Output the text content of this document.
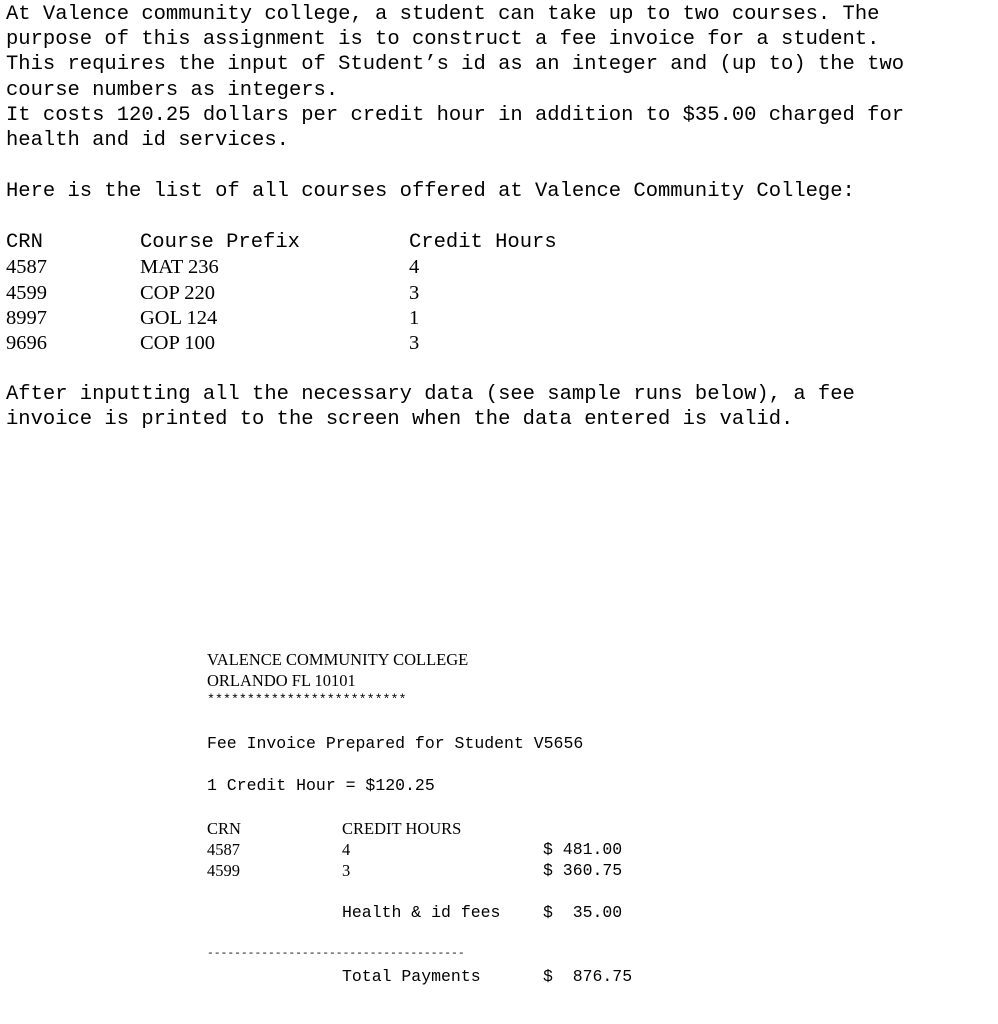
At Valence community college, a student can take up to two courses. The
purpose of this assignment is to construct a fee invoice for a student.
This requires the input of Student’s id as an integer and (up to) the two
course numbers as integers.
It costs 120.25 dollars per credit hour in addition to $35.00 charged for
health and id services.
Here is the list of all courses offered at Valence Community College:
CRN	Course Prefix	Credit Hours
4587	MAT 236	4
4599	COP 220	3
8997	GOL 124	1
9696	COP 100	3
After inputting all the necessary data (see sample runs below), a fee
invoice is printed to the screen when the data entered is valid.
VALENCE COMMUNITY COLLEGE
ORLANDO FL 10101
*************************
Fee Invoice Prepared for Student V5656
1 Credit Hour = $120.25
CRN	CREDIT HOURS
4587	4	$ 481.00
4599	3	$ 360.75
Health & id fees	$  35.00
--------------------------------------
Total Payments	$  876.75
